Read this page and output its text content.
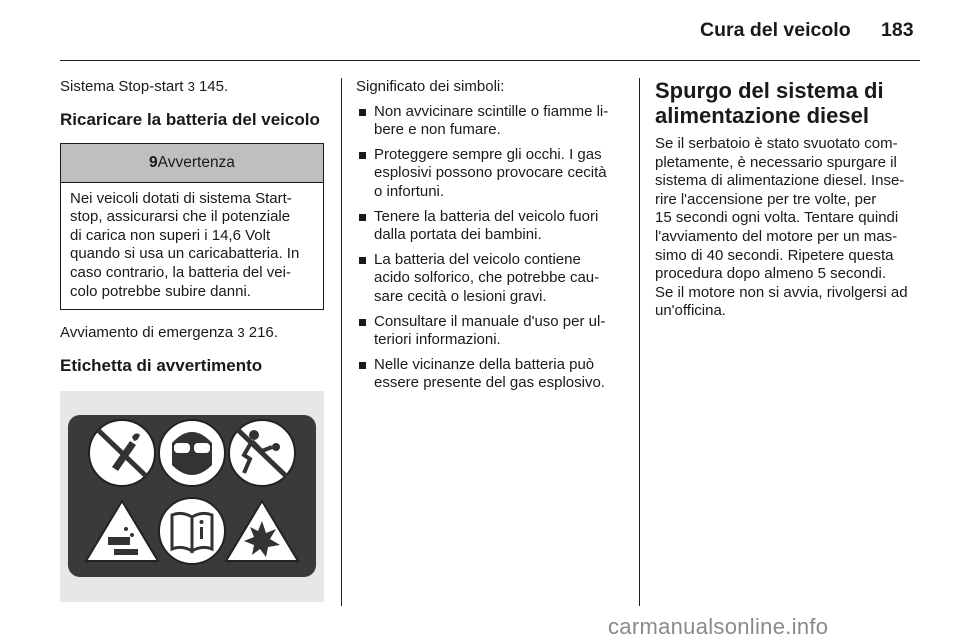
Cura del veicolo 183

Sistema Stop-start 3 145.

Ricaricare la batteria del veicolo
9Avvertenza
Nei veicoli dotati di sistema Start-
stop, assicurarsi che il potenziale
di carica non superi i 14,6 Volt
quando si usa un caricabatteria. In
caso contrario, la batteria del vei-
colo potrebbe subire danni.

Avviamento di emergenza 3 216.

Etichetta di avvertimento

Significato dei simboli:

Non avvicinare scintille o fiamme li-
bere e non fumare.
Proteggere sempre gli occhi. I gas
esplosivi possono provocare cecità
o infortuni.
Tenere la batteria del veicolo fuori
dalla portata dei bambini.
La batteria del veicolo contiene
acido solforico, che potrebbe cau-
sare cecità o lesioni gravi.
Consultare il manuale d'uso per ul-
teriori informazioni.
Nelle vicinanze della batteria può
essere presente del gas esplosivo.
Spurgo del sistema di
alimentazione diesel
Se il serbatoio è stato svuotato com-
pletamente, è necessario spurgare il
sistema di alimentazione diesel. Inse-
rire l'accensione per tre volte, per
15 secondi ogni volta. Tentare quindi
l'avviamento del motore per un mas-
simo di 40 secondi. Ripetere questa
procedura dopo almeno 5 secondi.
Se il motore non si avvia, rivolgersi ad
un'officina.
carmanualsonline.info
